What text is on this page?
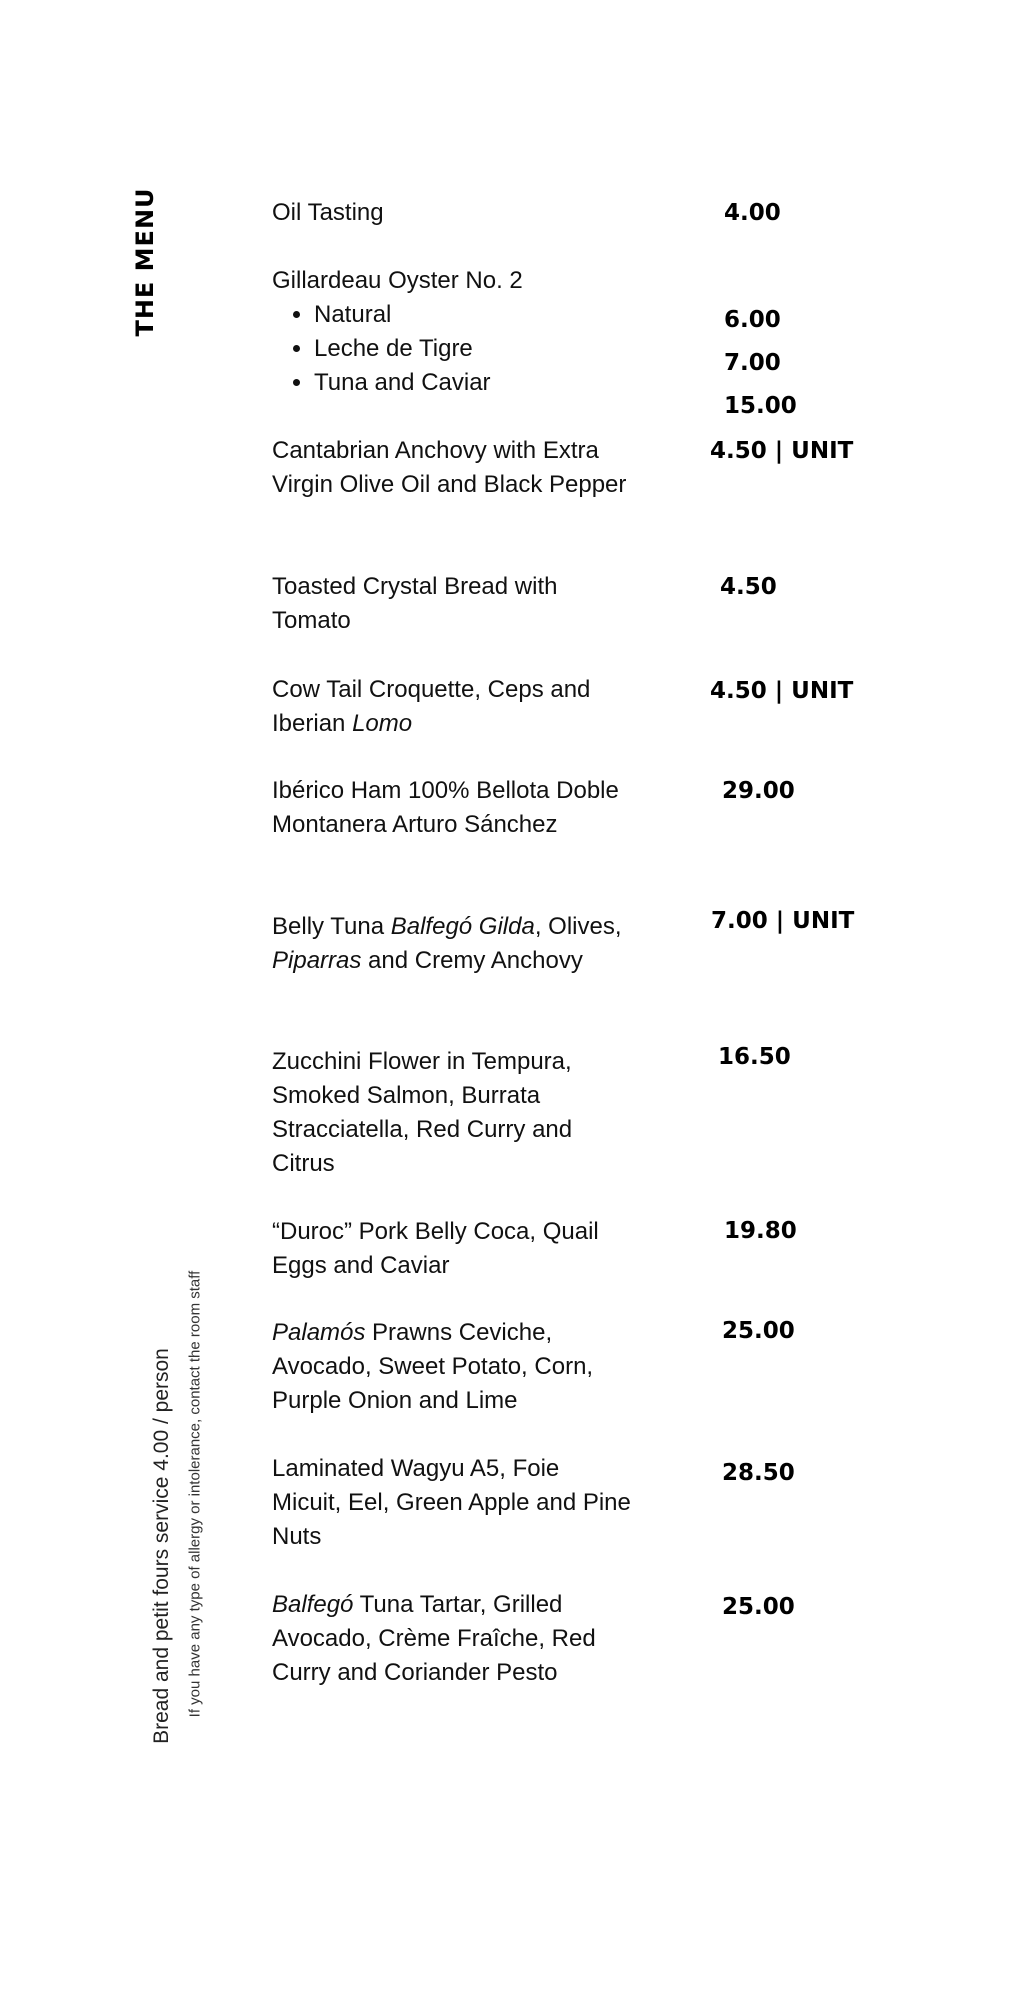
THE MENU
Bread and petit fours service 4.00 / person If you have any type of allergy or intolerance, contact the room staff
Oil Tasting	4.00
Gillardeau Oyster No. 2
• Natural
• Leche de Tigre
• Tuna and Caviar
6.00
7.00
15.00
Cantabrian Anchovy with Extra Virgin Olive Oil and Black Pepper
4.50 | UNIT
Toasted Crystal Bread with Tomato
4.50
Cow Tail Croquette, Ceps and Iberian Lomo
4.50 | UNIT
Ibérico Ham 100% Bellota Doble Montanera Arturo Sánchez
29.00
Belly Tuna Balfegó Gilda, Olives, Piparras and Cremy Anchovy
7.00 | UNIT
Zucchini Flower in Tempura, Smoked Salmon, Burrata Stracciatella, Red Curry and Citrus
16.50
“Duroc” Pork Belly Coca, Quail Eggs and Caviar
19.80
Palamós Prawns Ceviche, Avocado, Sweet Potato, Corn, Purple Onion and Lime
25.00
Laminated Wagyu A5, Foie Micuit, Eel, Green Apple and Pine Nuts
28.50
Balfegó Tuna Tartar, Grilled Avocado, Crème Fraîche, Red Curry and Coriander Pesto
25.00
